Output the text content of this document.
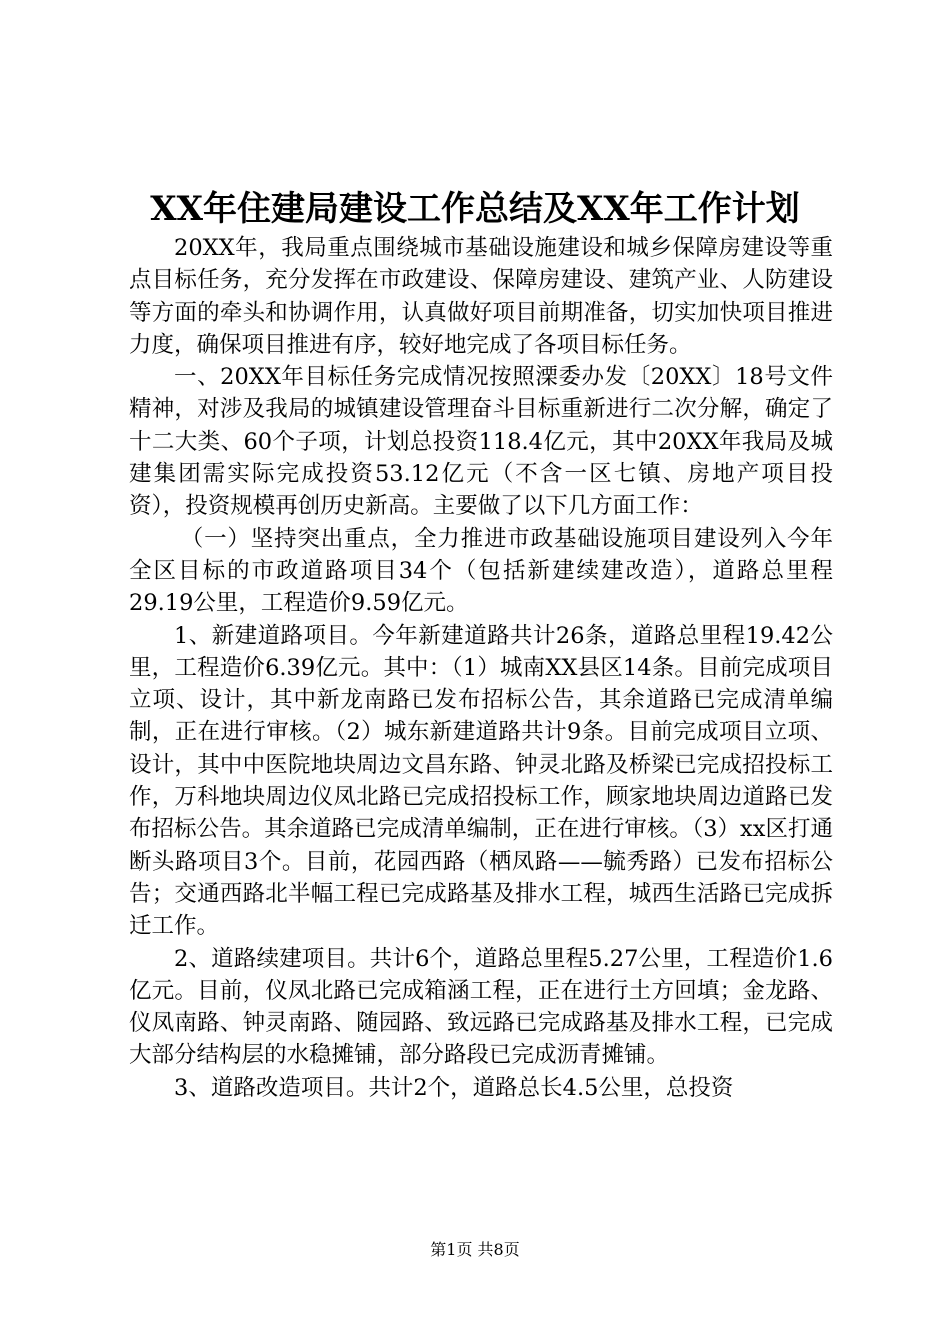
XX年住建局建设工作总结及XX年工作计划

20XX年，我局重点围绕城市基础设施建设和城乡保障房建设等重点目标任务，充分发挥在市政建设、保障房建设、建筑产业、人防建设等方面的牵头和协调作用，认真做好项目前期准备，切实加快项目推进力度，确保项目推进有序，较好地完成了各项目标任务。

一、20XX年目标任务完成情况按照溧委办发〔20XX〕18号文件精神，对涉及我局的城镇建设管理奋斗目标重新进行二次分解，确定了十二大类、60个子项，计划总投资118.4亿元，其中20XX年我局及城建集团需实际完成投资53.12亿元（不含一区七镇、房地产项目投资），投资规模再创历史新高。主要做了以下几方面工作：

（一）坚持突出重点，全力推进市政基础设施项目建设列入今年全区目标的市政道路项目34个（包括新建续建改造），道路总里程29.19公里，工程造价9.59亿元。

1、新建道路项目。今年新建道路共计26条，道路总里程19.42公里，工程造价6.39亿元。其中：（1）城南XX县区14条。目前完成项目立项、设计，其中新龙南路已发布招标公告，其余道路已完成清单编制，正在进行审核。（2）城东新建道路共计9条。目前完成项目立项、设计，其中中医院地块周边文昌东路、钟灵北路及桥梁已完成招投标工作，万科地块周边仪凤北路已完成招投标工作，顾家地块周边道路已发布招标公告。其余道路已完成清单编制，正在进行审核。（3）xx区打通断头路项目3个。目前，花园西路（栖凤路——毓秀路）已发布招标公告；交通西路北半幅工程已完成路基及排水工程，城西生活路已完成拆迁工作。

2、道路续建项目。共计6个，道路总里程5.27公里，工程造价1.6亿元。目前，仪凤北路已完成箱涵工程，正在进行土方回填；金龙路、仪凤南路、钟灵南路、随园路、致远路已完成路基及排水工程，已完成大部分结构层的水稳摊铺，部分路段已完成沥青摊铺。

3、道路改造项目。共计2个，道路总长4.5公里，总投资

第1页 共8页
